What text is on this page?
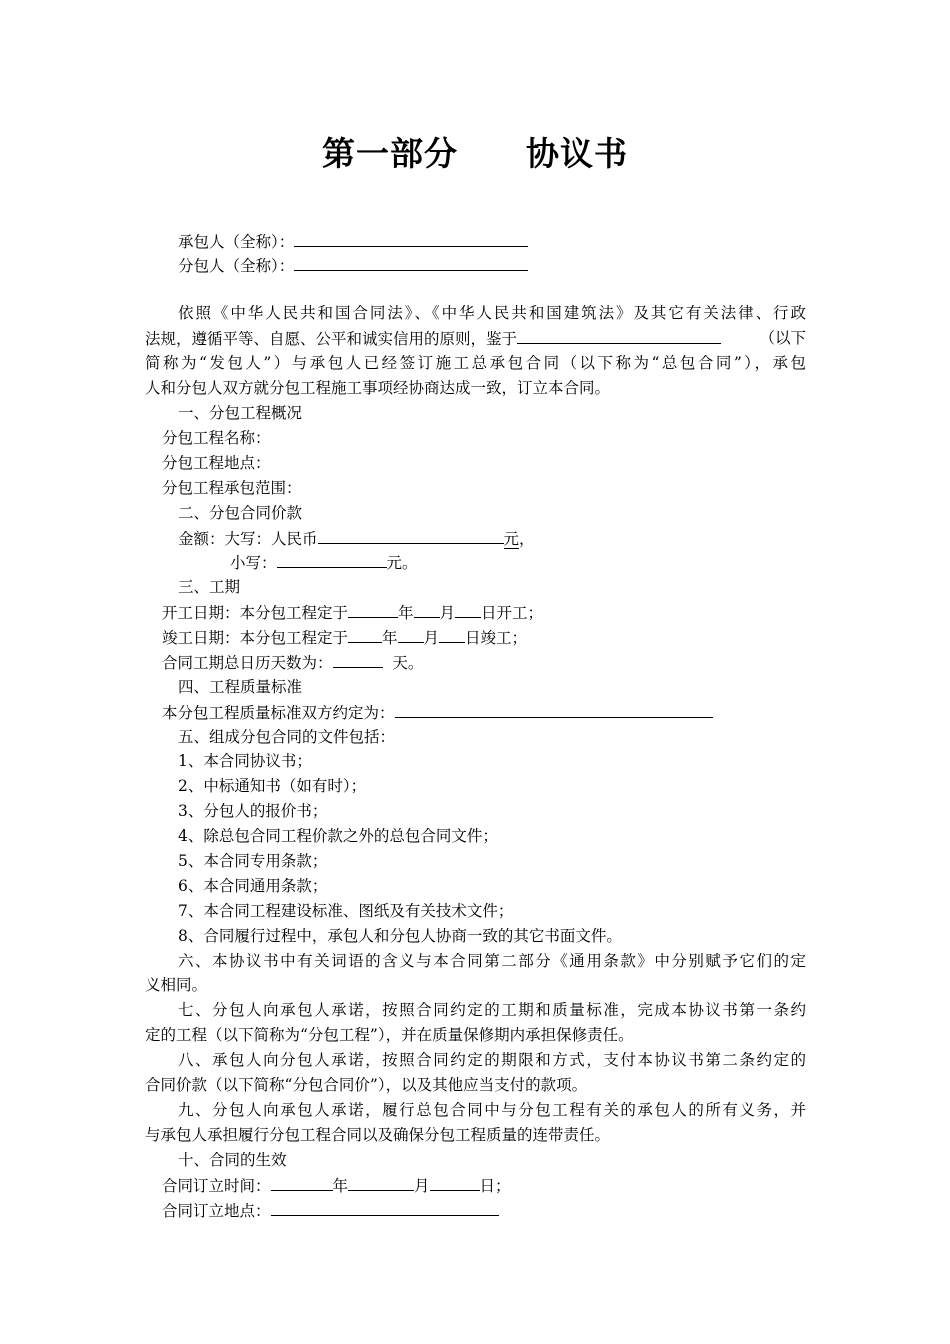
第一部分　　协议书
承包人（全称）：
分包人（全称）：
依照《中华人民共和国合同法》、《中华人民共和国建筑法》及其它有关法律、行政
法规，遵循平等、自愿、公平和诚实信用的原则，鉴于	（以下
简称为“发包人”）与承包人已经签订施工总承包合同（以下称为“总包合同”），承包
人和分包人双方就分包工程施工事项经协商达成一致，订立本合同。
一、分包工程概况
分包工程名称：
分包工程地点：
分包工程承包范围：
二、分包合同价款
金额：大写：人民币	元，
小写：	元。
三、工期
开工日期：本分包工程定于	年 月 日开工；
竣工日期：本分包工程定于 年 月 日竣工；
合同工期总日历天数为：	天。
四、工程质量标准
本分包工程质量标准双方约定为：
五、组成分包合同的文件包括：
1、本合同协议书；
2、中标通知书（如有时）；
3、分包人的报价书；
4、除总包合同工程价款之外的总包合同文件；
5、本合同专用条款；
6、本合同通用条款；
7、本合同工程建设标准、图纸及有关技术文件；
8、合同履行过程中，承包人和分包人协商一致的其它书面文件。
六、本协议书中有关词语的含义与本合同第二部分《通用条款》中分别赋予它们的定
义相同。
七、分包人向承包人承诺，按照合同约定的工期和质量标准，完成本协议书第一条约
定的工程（以下简称为“分包工程”），并在质量保修期内承担保修责任。
八、承包人向分包人承诺，按照合同约定的期限和方式，支付本协议书第二条约定的
合同价款（以下简称“分包合同价”），以及其他应当支付的款项。
九、分包人向承包人承诺，履行总包合同中与分包工程有关的承包人的所有义务，并
与承包人承担履行分包工程合同以及确保分包工程质量的连带责任。
十、合同的生效
合同订立时间：	年	月	日；
合同订立地点：
